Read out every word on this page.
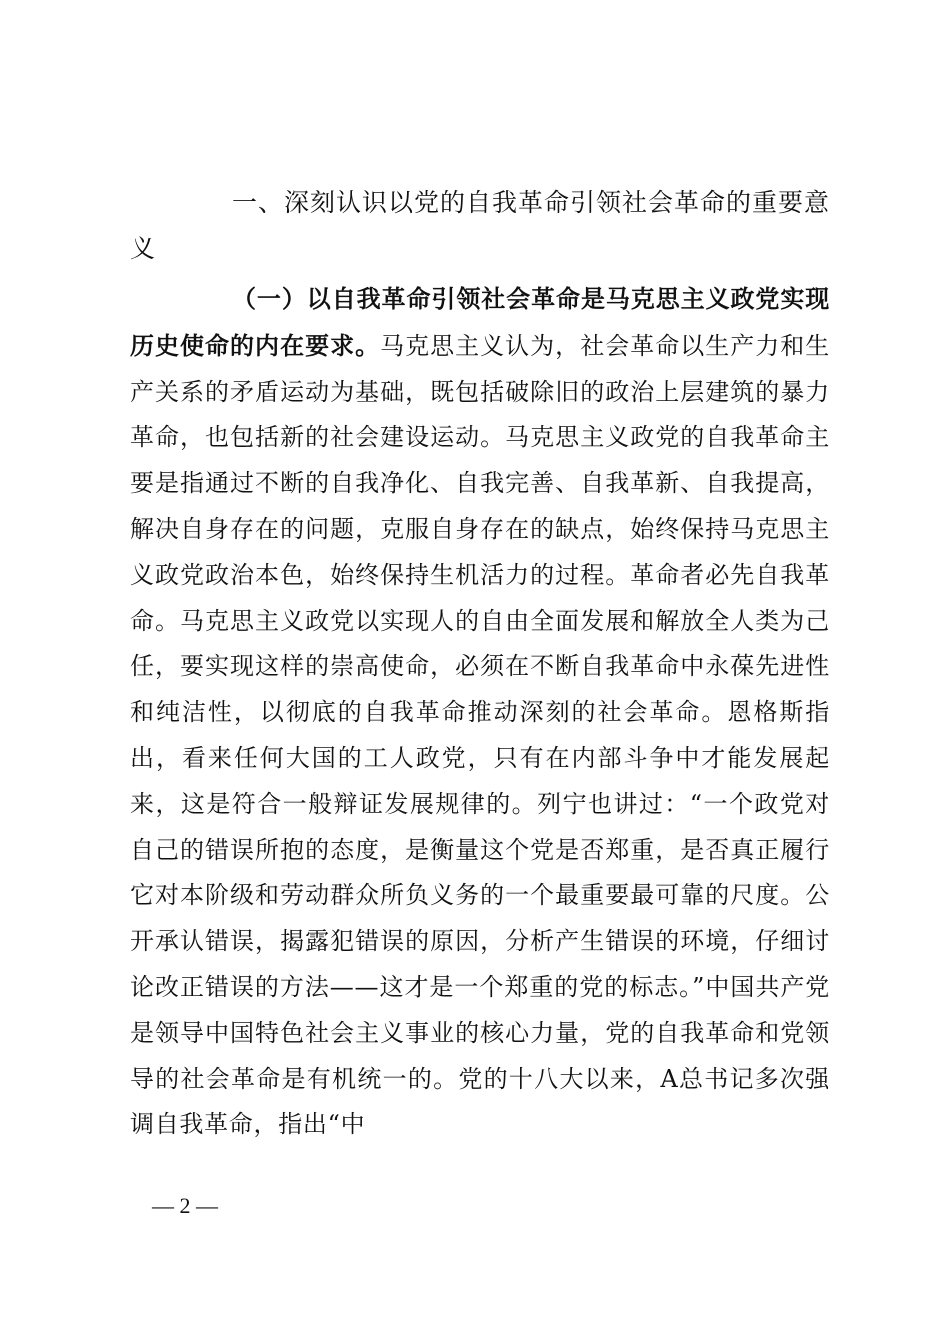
一、深刻认识以党的自我革命引领社会革命的重要意义

（一）以自我革命引领社会革命是马克思主义政党实现历史使命的内在要求。马克思主义认为，社会革命以生产力和生产关系的矛盾运动为基础，既包括破除旧的政治上层建筑的暴力革命，也包括新的社会建设运动。马克思主义政党的自我革命主要是指通过不断的自我净化、自我完善、自我革新、自我提高，解决自身存在的问题，克服自身存在的缺点，始终保持马克思主义政党政治本色，始终保持生机活力的过程。革命者必先自我革命。马克思主义政党以实现人的自由全面发展和解放全人类为己任，要实现这样的崇高使命，必须在不断自我革命中永葆先进性和纯洁性，以彻底的自我革命推动深刻的社会革命。恩格斯指出，看来任何大国的工人政党，只有在内部斗争中才能发展起来，这是符合一般辩证发展规律的。列宁也讲过：“一个政党对自己的错误所抱的态度，是衡量这个党是否郑重，是否真正履行它对本阶级和劳动群众所负义务的一个最重要最可靠的尺度。公开承认错误，揭露犯错误的原因，分析产生错误的环境，仔细讨论改正错误的方法——这才是一个郑重的党的标志。”中国共产党是领导中国特色社会主义事业的核心力量，党的自我革命和党领导的社会革命是有机统一的。党的十八大以来，A总书记多次强调自我革命，指出“中

— 2 —
